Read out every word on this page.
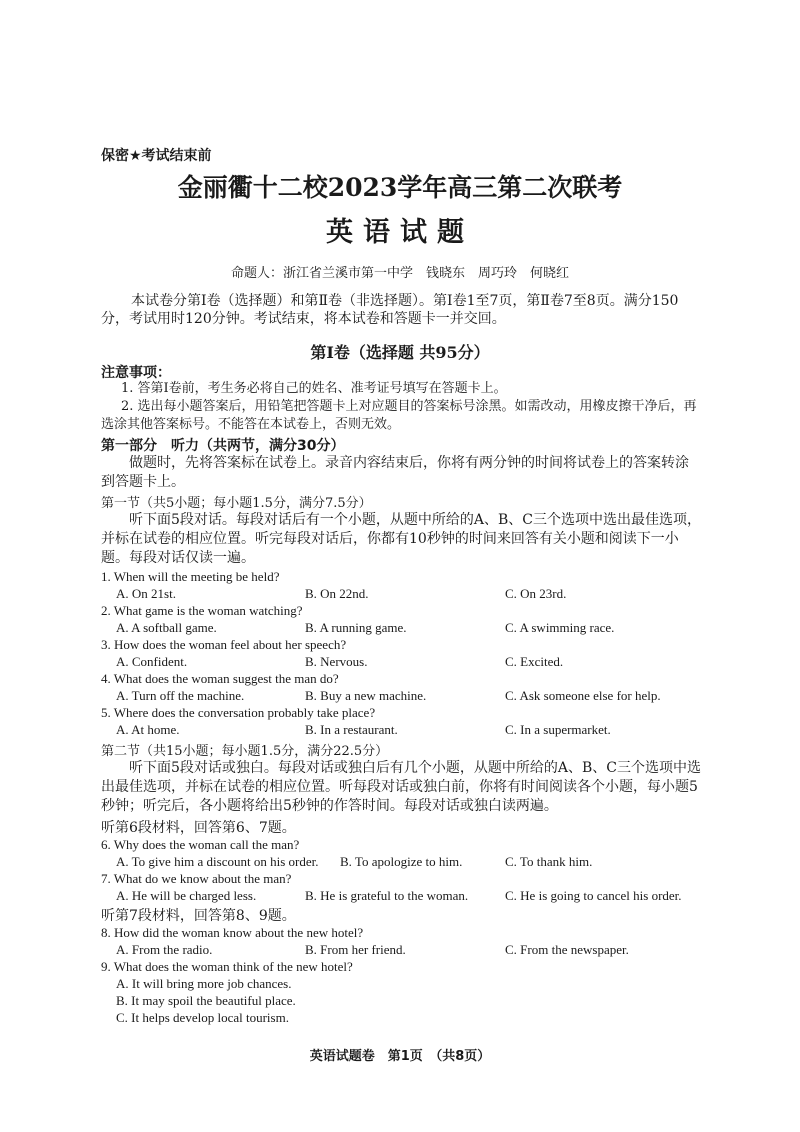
保密★考试结束前
金丽衢十二校2023学年高三第二次联考
英语试题
命题人：浙江省兰溪市第一中学　钱晓东　周巧玲　何晓红
本试卷分第Ⅰ卷（选择题）和第Ⅱ卷（非选择题）。第Ⅰ卷1至7页，第Ⅱ卷7至8页。满分150分，考试用时120分钟。考试结束，将本试卷和答题卡一并交回。
第Ⅰ卷（选择题 共95分）
注意事项：
1. 答第Ⅰ卷前，考生务必将自己的姓名、准考证号填写在答题卡上。
2. 选出每小题答案后，用铅笔把答题卡上对应题目的答案标号涂黑。如需改动，用橡皮擦干净后，再选涂其他答案标号。不能答在本试卷上，否则无效。
第一部分　听力（共两节，满分30分）
做题时，先将答案标在试卷上。录音内容结束后，你将有两分钟的时间将试卷上的答案转涂到答题卡上。
第一节（共5小题；每小题1.5分，满分7.5分）
听下面5段对话。每段对话后有一个小题，从题中所给的A、B、C三个选项中选出最佳选项，并标在试卷的相应位置。听完每段对话后，你都有10秒钟的时间来回答有关小题和阅读下一小题。每段对话仅读一遍。
1. When will the meeting be held?
A. On 21st.	B. On 22nd.	C. On 23rd.
2. What game is the woman watching?
A. A softball game.	B. A running game.	C. A swimming race.
3. How does the woman feel about her speech?
A. Confident.	B. Nervous.	C. Excited.
4. What does the woman suggest the man do?
A. Turn off the machine.	B. Buy a new machine.	C. Ask someone else for help.
5. Where does the conversation probably take place?
A. At home.	B. In a restaurant.	C. In a supermarket.
第二节（共15小题；每小题1.5分，满分22.5分）
听下面5段对话或独白。每段对话或独白后有几个小题，从题中所给的A、B、C三个选项中选出最佳选项，并标在试卷的相应位置。听每段对话或独白前，你将有时间阅读各个小题，每小题5秒钟；听完后，各小题将给出5秒钟的作答时间。每段对话或独白读两遍。
听第6段材料，回答第6、7题。
6. Why does the woman call the man?
A. To give him a discount on his order. B. To apologize to him.	C. To thank him.
7. What do we know about the man?
A. He will be charged less.	B. He is grateful to the woman.	C. He is going to cancel his order.
听第7段材料，回答第8、9题。
8. How did the woman know about the new hotel?
A. From the radio.	B. From her friend.	C. From the newspaper.
9. What does the woman think of the new hotel?
A. It will bring more job chances.
B. It may spoil the beautiful place.
C. It helps develop local tourism.
英语试题卷　第1页　（共8页）
